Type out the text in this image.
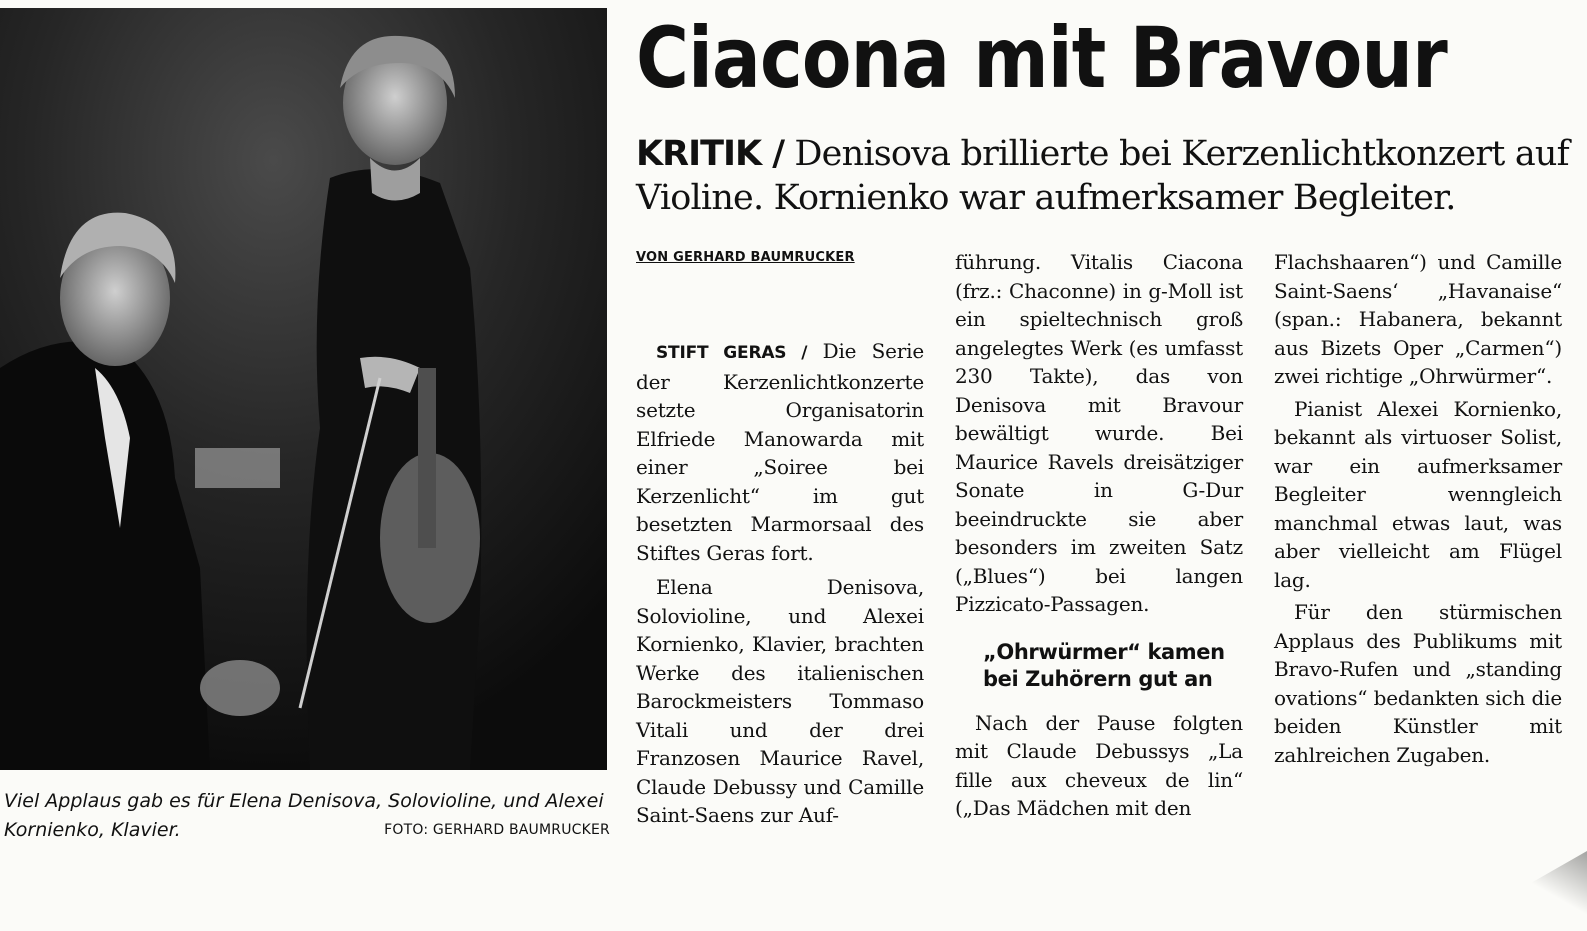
Viel Applaus gab es für Elena Denisova, Solovioline, und Alexei Kornienko, Klavier.	FOTO: GERHARD BAUMRUCKER
Ciacona mit Bravour
KRITIK / Denisova brillierte bei Kerzenlichtkonzert auf Violine. Kornienko war aufmerksamer Begleiter.
VON GERHARD BAUMRUCKER

STIFT GERAS / Die Serie der Kerzenlichtkonzerte setzte Organisatorin Elfriede Manowarda mit einer „Soiree bei Kerzenlicht“ im gut besetzten Marmorsaal des Stiftes Geras fort.

Elena Denisova, Solovioline, und Alexei Kornienko, Klavier, brachten Werke des italienischen Barockmeisters Tommaso Vitali und der drei Franzosen Maurice Ravel, Claude Debussy und Camille Saint-Saens zur Auf-

führung. Vitalis Ciacona (frz.: Chaconne) in g-Moll ist ein spieltechnisch groß angelegtes Werk (es umfasst 230 Takte), das von Denisova mit Bravour bewältigt wurde. Bei Maurice Ravels dreisätziger Sonate in G-Dur beeindruckte sie aber besonders im zweiten Satz („Blues“) bei langen Pizzicato-Passagen.

„Ohrwürmer“ kamen bei Zuhörern gut an

Nach der Pause folgten mit Claude Debussys „La fille aux cheveux de lin“ („Das Mädchen mit den

Flachshaaren“) und Camille Saint-Saens‘ „Havanaise“ (span.: Habanera, bekannt aus Bizets Oper „Carmen“) zwei richtige „Ohrwürmer“.

Pianist Alexei Kornienko, bekannt als virtuoser Solist, war ein aufmerksamer Begleiter wenngleich manchmal etwas laut, was aber vielleicht am Flügel lag.

Für den stürmischen Applaus des Publikums mit Bravo-Rufen und „standing ovations“ bedankten sich die beiden Künstler mit zahlreichen Zugaben.
